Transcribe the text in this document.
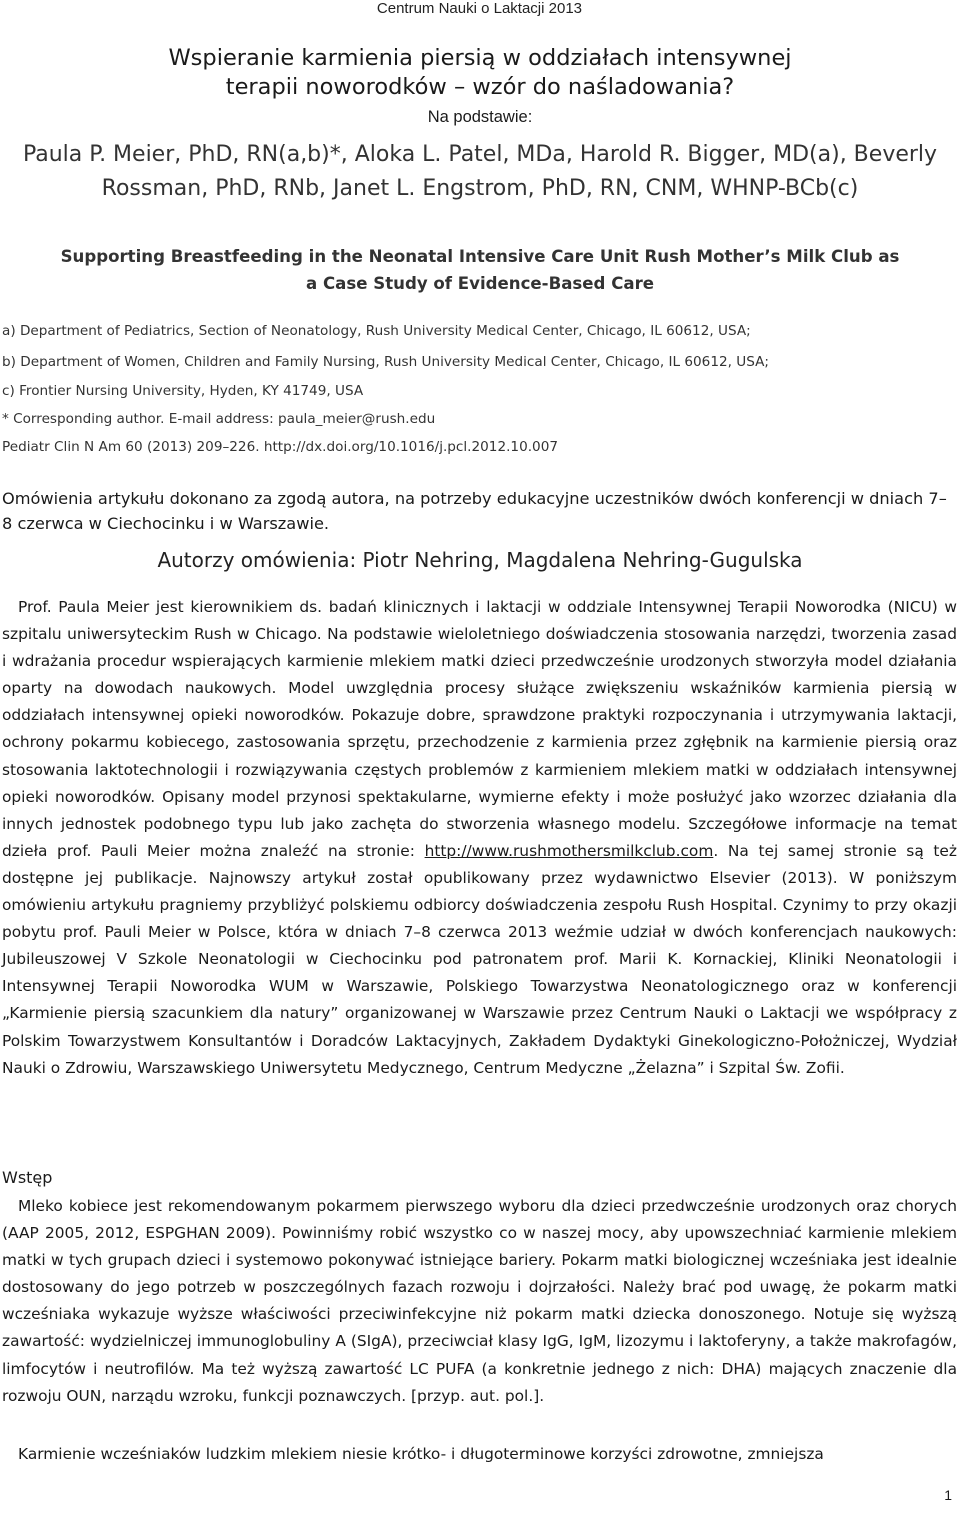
Centrum Nauki o Laktacji 2013
Wspieranie karmienia piersią w oddziałach intensywnej
terapii noworodków – wzór do naśladowania?
Na podstawie:
Paula P. Meier, PhD, RN(a,b)*, Aloka L. Patel, MDa, Harold R. Bigger, MD(a), Beverly
Rossman, PhD, RNb, Janet L. Engstrom, PhD, RN, CNM, WHNP-BCb(c)
Supporting Breastfeeding in the Neonatal Intensive Care Unit Rush Mother’s Milk Club as
a Case Study of Evidence-Based Care
a) Department of Pediatrics, Section of Neonatology, Rush University Medical Center, Chicago, IL 60612, USA;
b) Department of Women, Children and Family Nursing, Rush University Medical Center, Chicago, IL 60612, USA;
c) Frontier Nursing University, Hyden, KY 41749, USA
* Corresponding author. E-mail address: paula_meier@rush.edu
Pediatr Clin N Am 60 (2013) 209–226. http://dx.doi.org/10.1016/j.pcl.2012.10.007
Omówienia artykułu dokonano za zgodą autora, na potrzeby edukacyjne uczestników dwóch konferencji w dniach 7–8 czerwca w Ciechocinku i w Warszawie.
Autorzy omówienia: Piotr Nehring, Magdalena Nehring-Gugulska
Prof. Paula Meier jest kierownikiem ds. badań klinicznych i laktacji w oddziale Intensywnej Terapii Noworodka (NICU) w szpitalu uniwersyteckim Rush w Chicago. Na podstawie wieloletniego doświadczenia stosowania narzędzi, tworzenia zasad i wdrażania procedur wspierających karmienie mlekiem matki dzieci przedwcześnie urodzonych stworzyła model działania oparty na dowodach naukowych. Model uwzględnia procesy służące zwiększeniu wskaźników karmienia piersią w oddziałach intensywnej opieki noworodków. Pokazuje dobre, sprawdzone praktyki rozpoczynania i utrzymywania laktacji, ochrony pokarmu kobiecego, zastosowania sprzętu, przechodzenie z karmienia przez zgłębnik na karmienie piersią oraz stosowania laktotechnologii i rozwiązywania częstych problemów z karmieniem mlekiem matki w oddziałach intensywnej opieki noworodków. Opisany model przynosi spektakularne, wymierne efekty i może posłużyć jako wzorzec działania dla innych jednostek podobnego typu lub jako zachęta do stworzenia własnego modelu. Szczegółowe informacje na temat dzieła prof. Pauli Meier można znaleźć na stronie: http://www.rushmothersmilkclub.com. Na tej samej stronie są też dostępne jej publikacje. Najnowszy artykuł został opublikowany przez wydawnictwo Elsevier (2013). W poniższym omówieniu artykułu pragniemy przybliżyć polskiemu odbiorcy doświadczenia zespołu Rush Hospital. Czynimy to przy okazji pobytu prof. Pauli Meier w Polsce, która w dniach 7–8 czerwca 2013 weźmie udział w dwóch konferencjach naukowych: Jubileuszowej V Szkole Neonatologii w Ciechocinku pod patronatem prof. Marii K. Kornackiej, Kliniki Neonatologii i Intensywnej Terapii Noworodka WUM w Warszawie, Polskiego Towarzystwa Neonatologicznego oraz w konferencji „Karmienie piersią szacunkiem dla natury” organizowanej w Warszawie przez Centrum Nauki o Laktacji we współpracy z Polskim Towarzystwem Konsultantów i Doradców Laktacyjnych, Zakładem Dydaktyki Ginekologiczno-Położniczej, Wydział Nauki o Zdrowiu, Warszawskiego Uniwersytetu Medycznego, Centrum Medyczne „Żelazna” i Szpital Św. Zofii.
Wstęp
Mleko kobiece jest rekomendowanym pokarmem pierwszego wyboru dla dzieci przedwcześnie urodzonych oraz chorych (AAP 2005, 2012, ESPGHAN 2009). Powinniśmy robić wszystko co w naszej mocy, aby upowszechniać karmienie mlekiem matki w tych grupach dzieci i systemowo pokonywać istniejące bariery. Pokarm matki biologicznej wcześniaka jest idealnie dostosowany do jego potrzeb w poszczególnych fazach rozwoju i dojrzałości. Należy brać pod uwagę, że pokarm matki wcześniaka wykazuje wyższe właściwości przeciwinfekcyjne niż pokarm matki dziecka donoszonego. Notuje się wyższą zawartość: wydzielniczej immunoglobuliny A (SIgA), przeciwciał klasy IgG, IgM, lizozymu i laktoferyny, a także makrofagów, limfocytów i neutrofilów. Ma też wyższą zawartość LC PUFA (a konkretnie jednego z nich: DHA) mających znaczenie dla rozwoju OUN, narządu wzroku, funkcji poznawczych. [przyp. aut. pol.].
Karmienie wcześniaków ludzkim mlekiem niesie krótko- i długoterminowe korzyści zdrowotne, zmniejsza
1
